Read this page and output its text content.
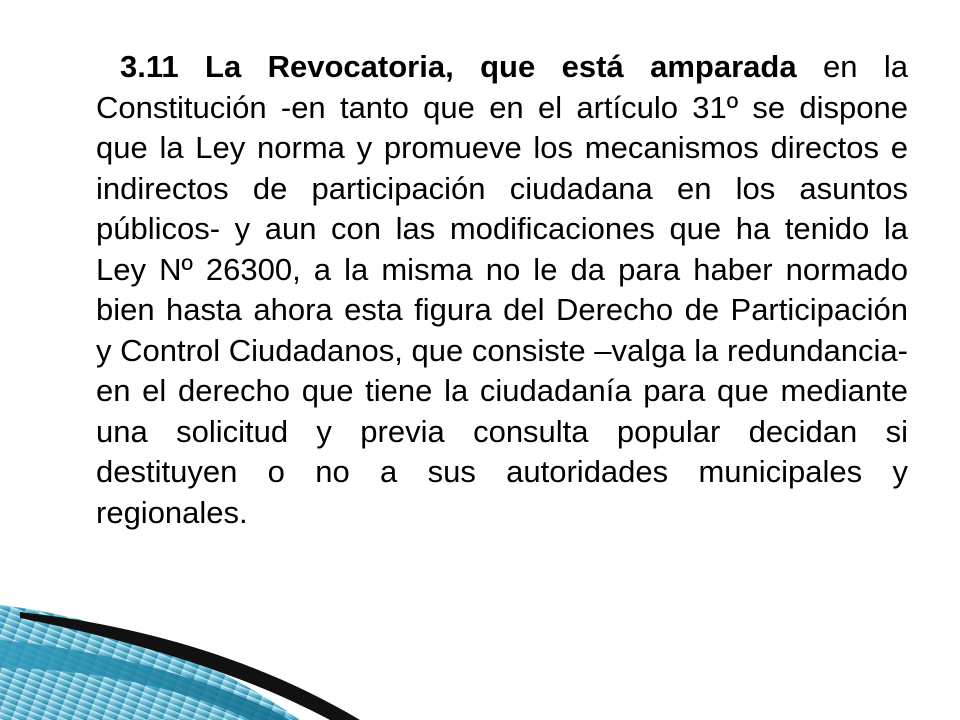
3.11 La Revocatoria, que está amparada en la Constitución -en tanto que en el artículo 31º se dispone que la Ley norma y promueve los mecanismos directos e indirectos de participación ciudadana en los asuntos públicos- y aun con las modificaciones que ha tenido la Ley Nº 26300, a la misma no le da para haber normado bien hasta ahora esta figura del Derecho de Participación y Control Ciudadanos, que consiste –valga la redundancia- en el derecho que tiene la ciudadanía para que mediante una solicitud y previa consulta popular decidan si destituyen o no a sus autoridades municipales y regionales.
